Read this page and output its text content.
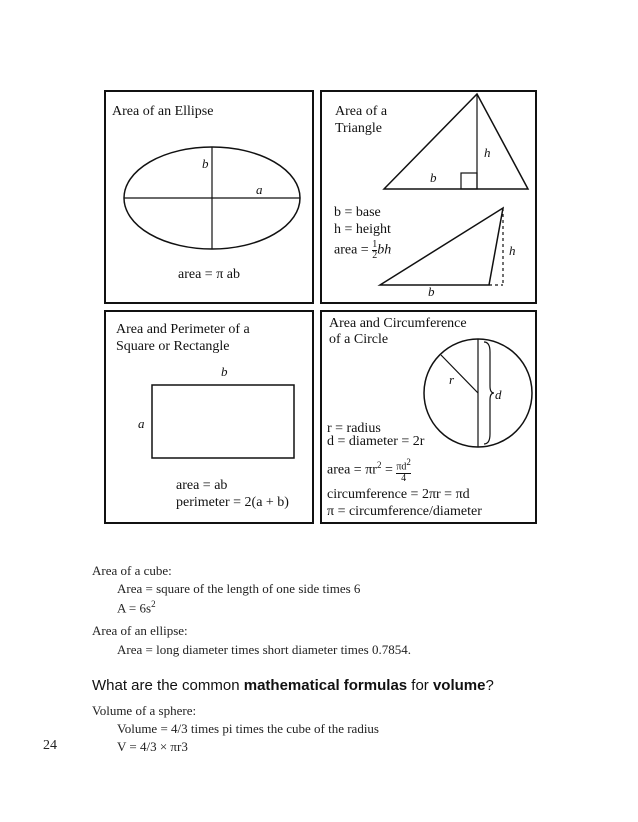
Area of an Ellipse
b
a
area = π ab
Area of a
Triangle
h
b
b = base
h = height
area = $\frac{1}{2}$ bh	h
b
Area and Perimeter of a
Square or Rectangle
b
a
area = ab
perimeter = 2(a + b)
Area and Circumference
of a Circle
r
d
r = radius
d = diameter = 2r
area = $\pi r^2 = \frac{\pi d^2}{4}$
circumference = 2πr = πd
π = circumference/diameter
Area of a cube:
Area = square of the length of one side times 6
$A = 6s^2$
Area of an ellipse:
Area = long diameter times short diameter times 0.7854.
What are the common mathematical formulas for volume?
Volume of a sphere:
Volume = 4/3 times pi times the cube of the radius
V = 4/3 × πr3
24
